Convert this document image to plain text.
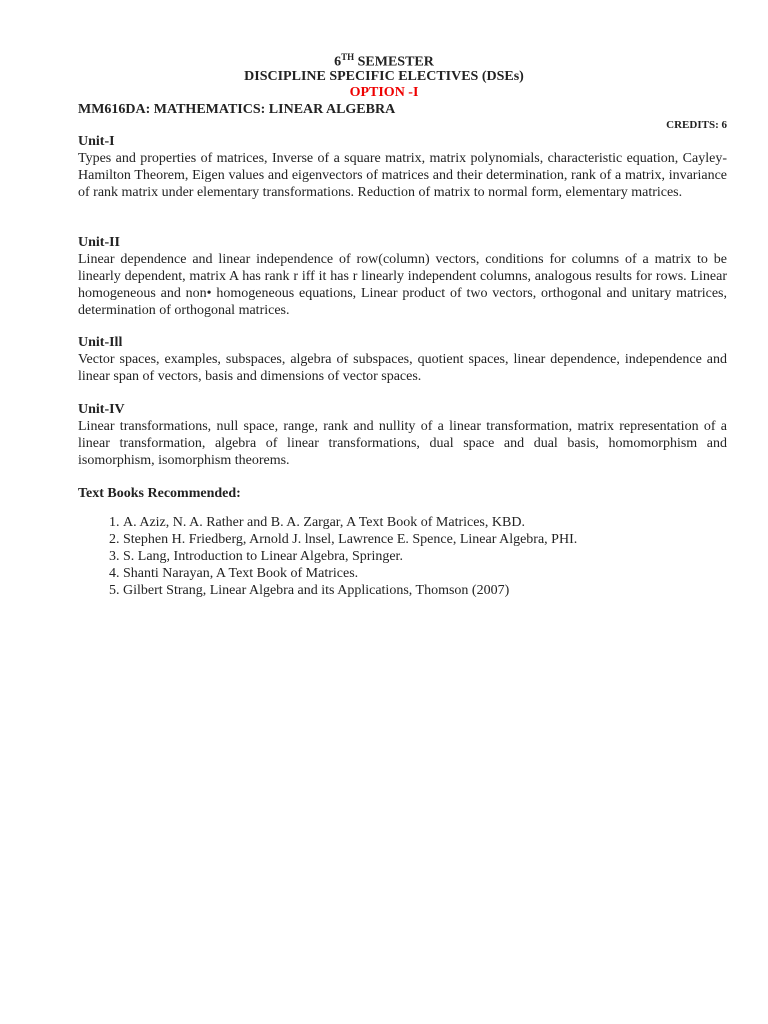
6TH SEMESTER
DISCIPLINE SPECIFIC ELECTIVES (DSEs)
OPTION -I
MM616DA: MATHEMATICS: LINEAR ALGEBRA
CREDITS: 6
Unit-I
Types and properties of matrices, Inverse of a square matrix, matrix polynomials, characteristic equation, Cayley-Hamilton Theorem, Eigen values and eigenvectors of matrices and their determination, rank of a matrix, invariance of rank matrix under elementary transformations. Reduction of matrix to normal form, elementary matrices.
Unit-II
Linear dependence and linear independence of row(column) vectors, conditions for columns of a matrix to be linearly dependent, matrix A has rank r iff it has r linearly independent columns, analogous results for rows. Linear homogeneous and non• homogeneous equations, Linear product of two vectors, orthogonal and unitary matrices, determination of orthogonal matrices.
Unit-Ill
Vector spaces, examples, subspaces, algebra of subspaces, quotient spaces, linear dependence, independence and linear span of vectors, basis and dimensions of vector spaces.
Unit-IV
Linear transformations, null space, range, rank and nullity of a linear transformation, matrix representation of a linear transformation, algebra of linear transformations, dual space and dual basis, homomorphism and isomorphism, isomorphism theorems.
Text Books Recommended:
1. A. Aziz, N. A. Rather and B. A. Zargar, A Text Book of Matrices, KBD.
2. Stephen H. Friedberg, Arnold J. lnsel, Lawrence E. Spence, Linear Algebra, PHI.
3. S. Lang, Introduction to Linear Algebra, Springer.
4. Shanti Narayan, A Text Book of Matrices.
5. Gilbert Strang, Linear Algebra and its Applications, Thomson (2007)
